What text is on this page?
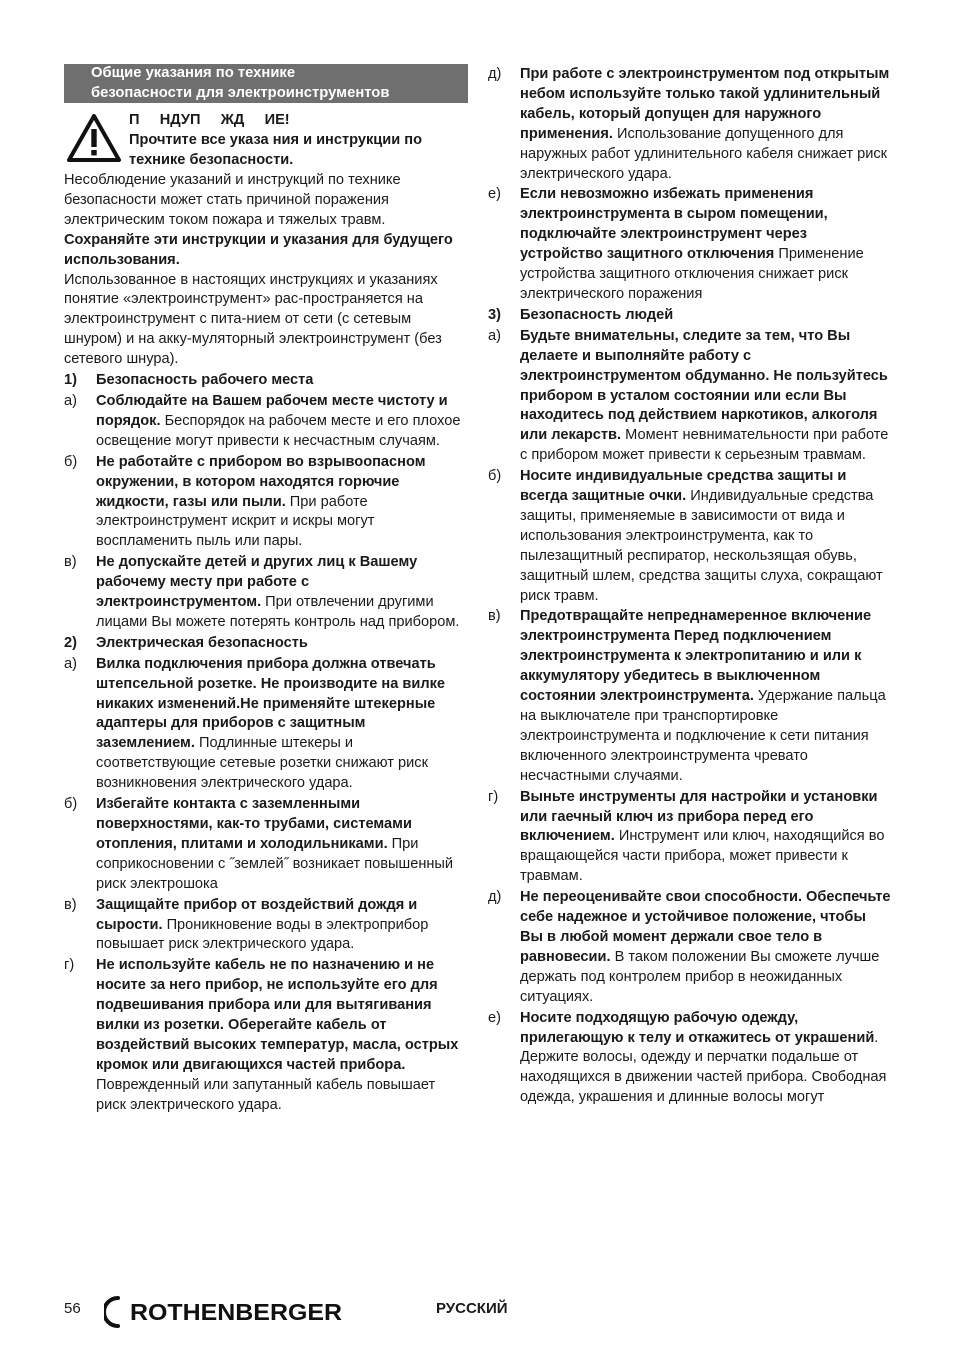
Общие указания по технике
безопасности для электроинструментов
П     НДУП     ЖД     ИЕ!
Прочтите все указа ния и инструкции по технике безопасности.

Несоблюдение указаний и инструкций по технике безопасности может стать причиной поражения электрическим током пожара и тяжелых травм.

Сохраняйте эти инструкции и указания для будущего использования.

Использованное в настоящих инструкциях и указаниях понятие «электроинструмент» рас-пространяется на электроинструмент с пита-нием от сети (с сетевым шнуром) и на акку-муляторный электроинструмент (без сетевого шнура).

1)	Безопасность рабочего места
а)	Соблюдайте на Вашем рабочем месте чистоту и порядок. Беспорядок на рабочем месте и его плохое освещение могут привести к несчастным случаям.
б)	Не работайте с прибором во взрывоопасном окружении, в котором находятся горючие жидкости, газы или пыли. При работе электроинструмент искрит и искры могут воспламенить пыль или пары.
в)	Не допускайте детей и других лиц к Вашему рабочему месту при работе с электроинструментом. При отвлечении другими лицами Вы можете потерять контроль над прибором.
2)	Электрическая безопасность
а)	Вилка подключения прибора должна отвечать штепсельной розетке. Не производите на вилке никаких изменений.Не применяйте штекерные адаптеры для приборов с защитным заземлением. Подлинные штекеры и соответствующие сетевые розетки снижают риск возникновения электрического удара.
б)	Избегайте контакта с заземленными поверхностями, как-то трубами, системами отопления, плитами и холодильниками. При соприкосновении с ˝землей˝ возникает повышенный риск электрошока
в)	Защищайте прибор от воздействий дождя и сырости. Проникновение воды в электроприбор повышает риск электрического удара.
г)	Не используйте кабель не по назначению и не носите за него прибор, не используйте его для подвешивания прибора или для вытягивания вилки из розетки. Оберегайте кабель от воздействий высоких температур, масла, острых кромок или двигающихся частей прибора. Поврежденный или запутанный кабель повышает риск электрического удара.
д)	При работе с электроинструментом под открытым небом используйте только такой удлинительный кабель, который допущен для наружного применения. Использование допущенного для наружных работ удлинительного кабеля снижает риск электрического удара.
е)	Если невозможно избежать применения электроинструмента в сыром помещении, подключайте электроинструмент через устройство защитного отключения Применение устройства защитного отключения снижает риск электрического поражения
3)	Безопасность людей
а)	Будьте внимательны, следите за тем, что Вы делаете и выполняйте работу с электроинструментом обдуманно. Не пользуйтесь прибором в усталом состоянии или если Вы находитесь под действием наркотиков, алкоголя или лекарств. Момент невнимательности при работе с прибором может привести к серьезным травмам.
б)	Носите индивидуальные средства защиты и всегда защитные очки. Индивидуальные средства защиты, применяемые в зависимости от вида и использования электроинструмента, как то пылезащитный респиратор, нескользящая обувь, защитный шлем, средства защиты слуха, сокращают риск травм.
в)	Предотвращайте непреднамеренное включение электроинструмента Перед подключением электроинструмента к электропитанию и или к аккумулятору убедитесь в выключенном состоянии электроинструмента. Удержание пальца на выключателе при транспортировке электроинструмента и подключение к сети питания включенного электроинструмента чревато несчастными случаями.
г)	Выньте инструменты для настройки и установки или гаечный ключ из прибора перед его включением. Инструмент или ключ, находящийся во вращающейся части прибора, может привести к травмам.
д)	Не переоценивайте свои способности. Обеспечьте себе надежное и устойчивое положение, чтобы Вы в любой момент держали свое тело в равновесии. В таком положении Вы сможете лучше держать под контролем прибор в неожиданных ситуациях.
е)	Носите подходящую рабочую одежду, прилегающую к телу и откажитесь от украшений. Держите волосы, одежду и перчатки подальше от находящихся в движении частей прибора. Свободная одежда, украшения и длинные волосы могут
56 ROTHENBERGER	РУССКИЙ
